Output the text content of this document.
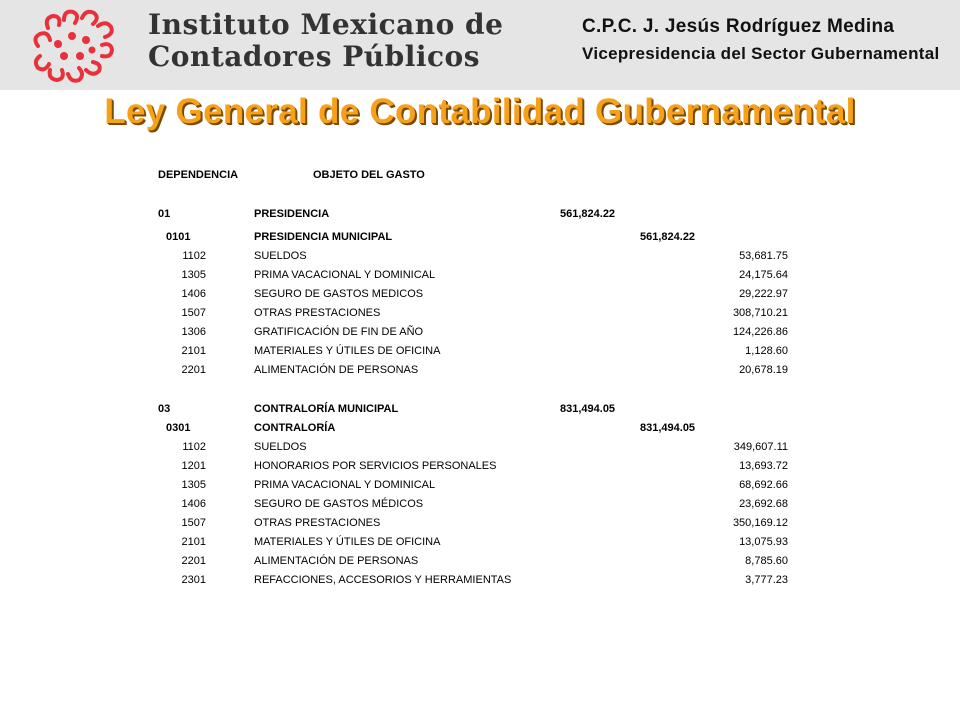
Instituto Mexicano de
Contadores Públicos
C.P.C. J. Jesús Rodríguez Medina
Vicepresidencia del Sector Gubernamental
Ley General de Contabilidad Gubernamental
DEPENDENCIA	OBJETO DEL GASTO
01	PRESIDENCIA	561,824.22
0101	PRESIDENCIA MUNICIPAL	561,824.22
1102	SUELDOS	53,681.75
1305	PRIMA VACACIONAL Y DOMINICAL	24,175.64
1406	SEGURO DE GASTOS MEDICOS	29,222.97
1507	OTRAS PRESTACIONES	308,710.21
1306	GRATIFICACIÓN DE FIN DE AÑO	124,226.86
2101	MATERIALES Y ÚTILES DE OFICINA	1,128.60
2201	ALIMENTACIÓN DE PERSONAS	20,678.19
03	CONTRALORÍA MUNICIPAL	831,494.05
0301	CONTRALORÍA	831,494.05
1102	SUELDOS	349,607.11
1201	HONORARIOS POR SERVICIOS PERSONALES	13,693.72
1305	PRIMA VACACIONAL Y DOMINICAL	68,692.66
1406	SEGURO DE GASTOS MÉDICOS	23,692.68
1507	OTRAS PRESTACIONES	350,169.12
2101	MATERIALES Y ÚTILES DE OFICINA	13,075.93
2201	ALIMENTACIÓN DE PERSONAS	8,785.60
2301	REFACCIONES, ACCESORIOS Y HERRAMIENTAS	3,777.23
